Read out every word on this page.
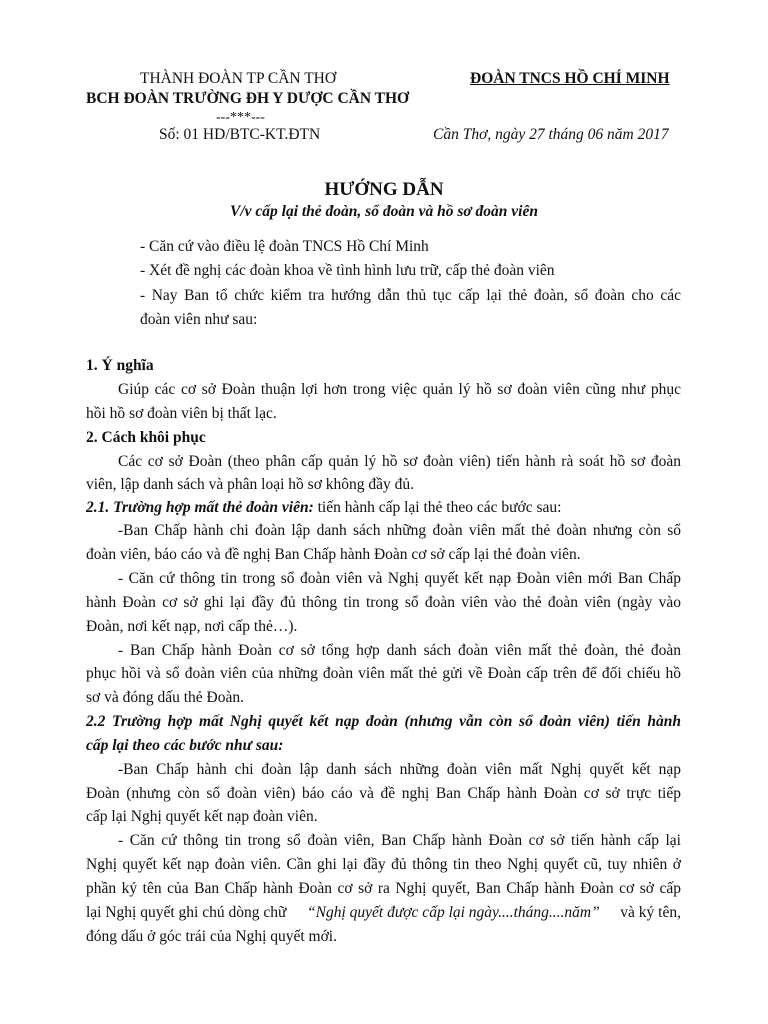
THÀNH ĐOÀN TP CẦN THƠ
BCH ĐOÀN TRƯỜNG ĐH Y DƯỢC CẦN THƠ
---***---
Số: 01 HD/BTC-KT.ĐTN
ĐOÀN TNCS HỒ CHÍ MINH
Cần Thơ, ngày 27 tháng 06 năm 2017
HƯỚNG DẪN
V/v cấp lại thẻ đoàn, sổ đoàn và hồ sơ đoàn viên
- Căn cứ vào điều lệ đoàn TNCS Hồ Chí Minh
- Xét đề nghị các đoàn khoa về tình hình lưu trữ, cấp thẻ đoàn viên
- Nay Ban tổ chức kiểm tra hướng dẫn thủ tục cấp lại thẻ đoàn, sổ đoàn cho các
đoàn viên như sau:
1. Ý nghĩa
Giúp các cơ sở Đoàn thuận lợi hơn trong việc quản lý hồ sơ đoàn viên cũng như phục
hồi hồ sơ đoàn viên bị thất lạc.
2. Cách khôi phục
Các cơ sở Đoàn (theo phân cấp quản lý hồ sơ đoàn viên) tiến hành rà soát hồ sơ đoàn
viên, lập danh sách và phân loại hồ sơ không đầy đủ.
2.1. Trường hợp mất thẻ đoàn viên: tiến hành cấp lại thẻ theo các bước sau:
-Ban Chấp hành chi đoàn lập danh sách những đoàn viên mất thẻ đoàn nhưng còn sổ
đoàn viên, báo cáo và đề nghị Ban Chấp hành Đoàn cơ sở cấp lại thẻ đoàn viên.
- Căn cứ thông tin trong sổ đoàn viên và Nghị quyết kết nạp Đoàn viên mới Ban Chấp
hành Đoàn cơ sở ghi lại đầy đủ thông tin trong sổ đoàn viên vào thẻ đoàn viên (ngày vào
Đoàn, nơi kết nạp, nơi cấp thẻ…).
- Ban Chấp hành Đoàn cơ sở tổng hợp danh sách đoàn viên mất thẻ đoàn, thẻ đoàn
phục hồi và sổ đoàn viên của những đoàn viên mất thẻ gửi về Đoàn cấp trên để đối chiếu hồ
sơ và đóng dấu thẻ Đoàn.
2.2 Trường hợp mất Nghị quyết kết nạp đoàn (nhưng vẫn còn sổ đoàn viên) tiến hành
cấp lại theo các bước như sau:
-Ban Chấp hành chi đoàn lập danh sách những đoàn viên mất Nghị quyết kết nạp
Đoàn (nhưng còn sổ đoàn viên) báo cáo và đề nghị Ban Chấp hành Đoàn cơ sở trực tiếp
cấp lại Nghị quyết kết nạp đoàn viên.
- Căn cứ thông tin trong sổ đoàn viên, Ban Chấp hành Đoàn cơ sở tiến hành cấp lại
Nghị quyết kết nạp đoàn viên. Cần ghi lại đầy đủ thông tin theo Nghị quyết cũ, tuy nhiên ở
phần ký tên của Ban Chấp hành Đoàn cơ sở ra Nghị quyết, Ban Chấp hành Đoàn cơ sở cấp
lại Nghị quyết ghi chú dòng chữ “Nghị quyết được cấp lại ngày....tháng....năm” và ký tên,
đóng dấu ở góc trái của Nghị quyết mới.
